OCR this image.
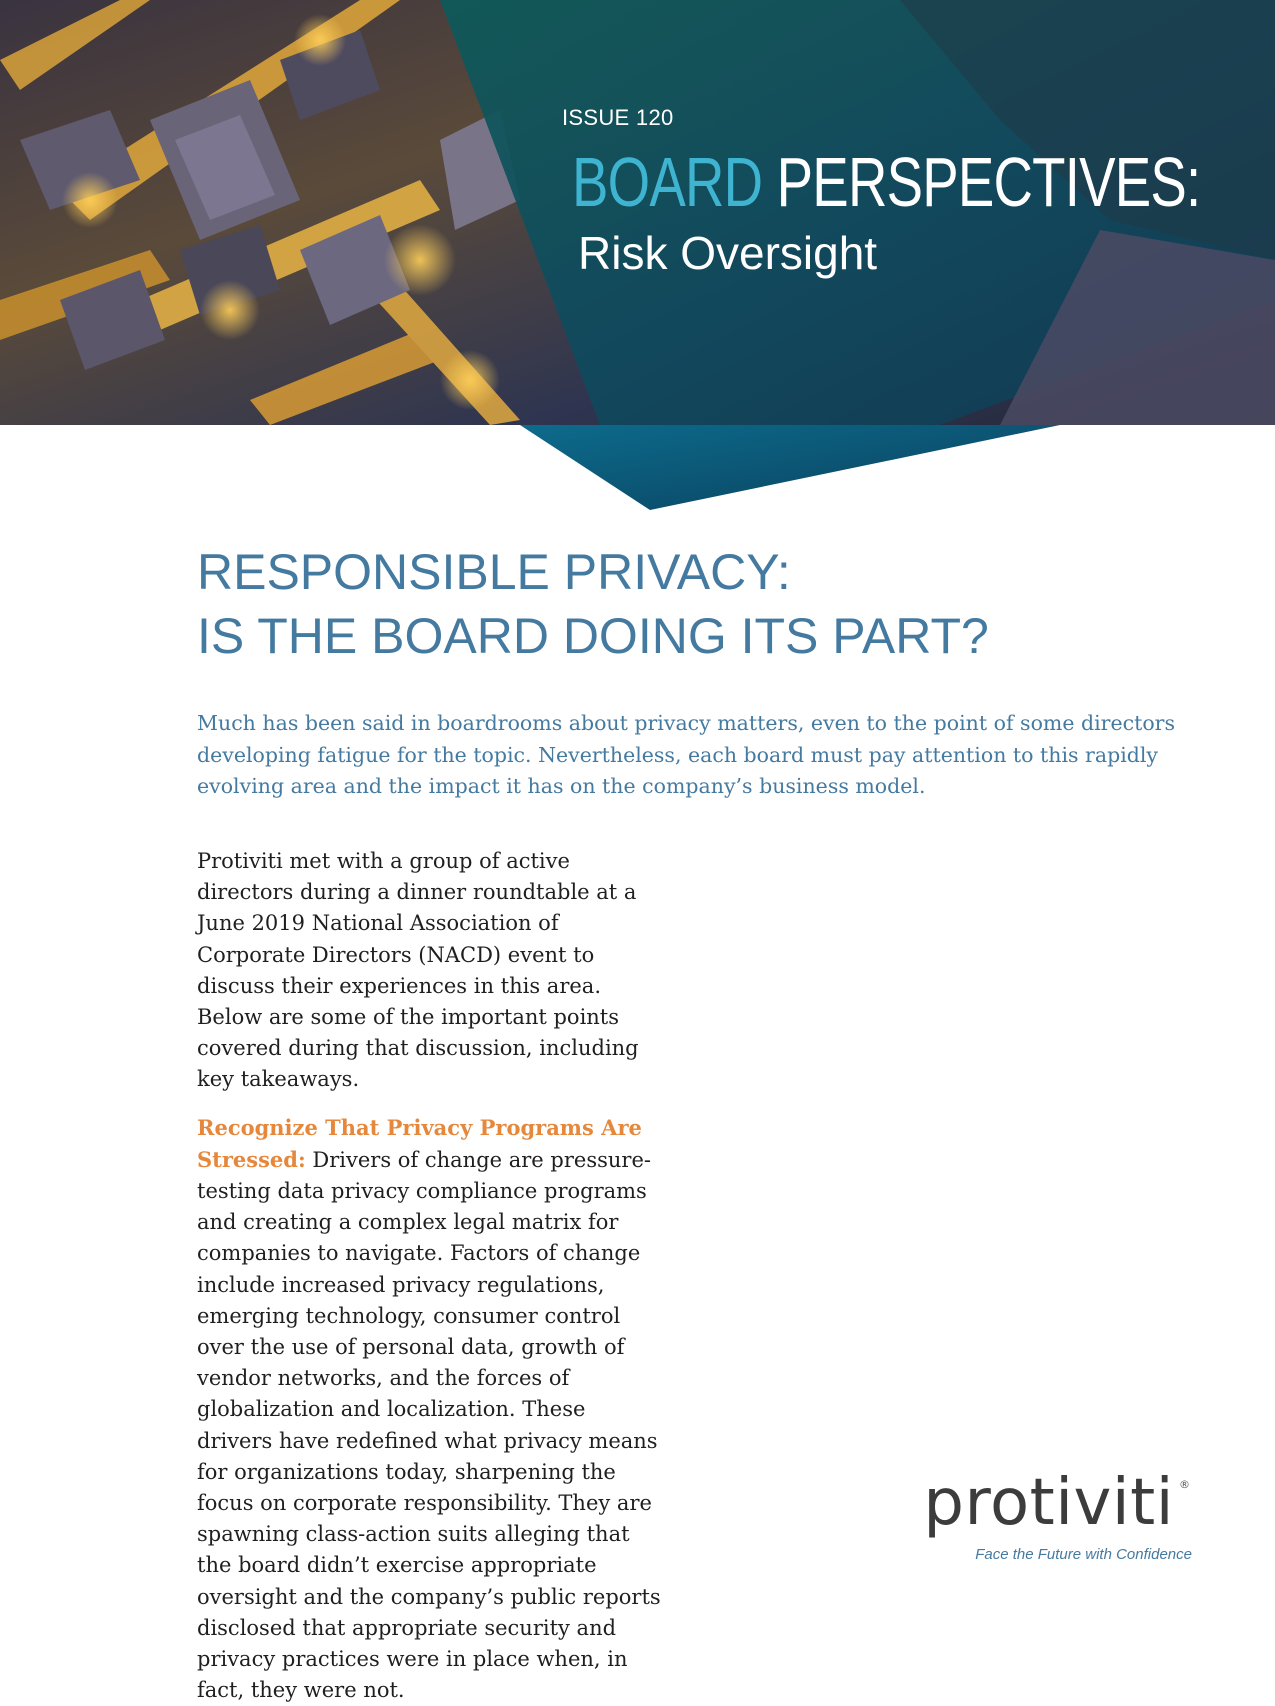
ISSUE 120
BOARD PERSPECTIVES:
Risk Oversight
RESPONSIBLE PRIVACY:
IS THE BOARD DOING ITS PART?

Much has been said in boardrooms about privacy matters, even to the point of some directors developing fatigue for the topic. Nevertheless, each board must pay attention to this rapidly evolving area and the impact it has on the company’s business model.

Protiviti met with a group of active directors during a dinner roundtable at a June 2019 National Association of Corporate Directors (NACD) event to discuss their experiences in this area. Below are some of the important points covered during that discussion, including key takeaways.

Recognize That Privacy Programs Are Stressed: Drivers of change are pressure-testing data privacy compliance programs and creating a complex legal matrix for companies to navigate. Factors of change include increased privacy regulations, emerging technology, consumer control over the use of personal data, growth of vendor networks, and the forces of globalization and localization. These drivers have redefined what privacy means for organizations today, sharpening the focus on corporate responsibility. They are spawning class-action suits alleging that the board didn’t exercise appropriate oversight and the company’s public reports disclosed that appropriate security and privacy practices were in place when, in fact, they were not.

protiviti ®
Face the Future with Confidence
